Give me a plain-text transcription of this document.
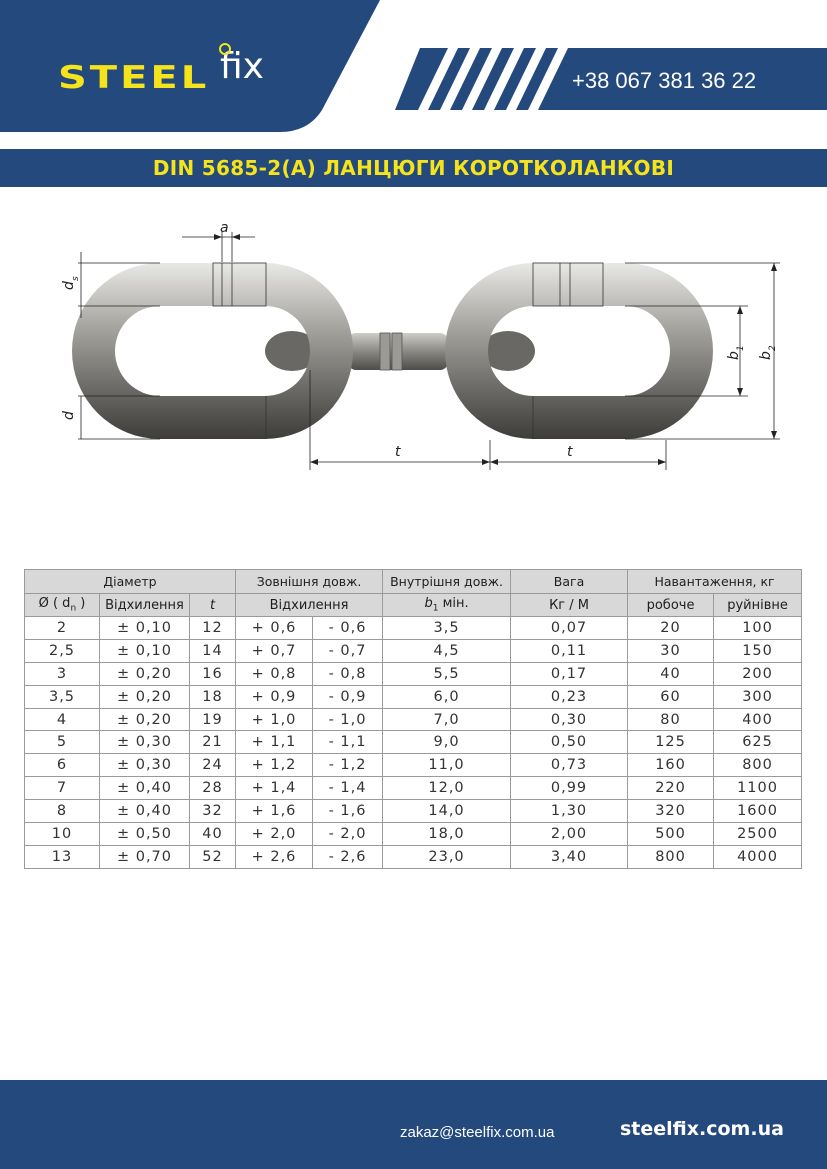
STEEL fix	+38 067 381 36 22
DIN 5685-2(A) ЛАНЦЮГИ КОРОТКОЛАНКОВІ
a
t	t
d
s
d
b
1
b
2
Діаметр			Зовнішня довж.		Внутрішня довж.	Вага	Навантаження, кг	
Ø ( $d_n$ )	Відхилення	t	Відхилення		$b_1$ мін.	Кг / М	робоче	руйнівне
2	± 0,10	12	+ 0,6	- 0,6	3,5	0,07	20	100
2,5	± 0,10	14	+ 0,7	- 0,7	4,5	0,11	30	150
3	± 0,20	16	+ 0,8	- 0,8	5,5	0,17	40	200
3,5	± 0,20	18	+ 0,9	- 0,9	6,0	0,23	60	300
4	± 0,20	19	+ 1,0	- 1,0	7,0	0,30	80	400
5	± 0,30	21	+ 1,1	- 1,1	9,0	0,50	125	625
6	± 0,30	24	+ 1,2	- 1,2	11,0	0,73	160	800
7	± 0,40	28	+ 1,4	- 1,4	12,0	0,99	220	1100
8	± 0,40	32	+ 1,6	- 1,6	14,0	1,30	320	1600
10	± 0,50	40	+ 2,0	- 2,0	18,0	2,00	500	2500
13	± 0,70	52	+ 2,6	- 2,6	23,0	3,40	800	4000
zakaz@steelfix.com.ua	steelfix.com.ua
